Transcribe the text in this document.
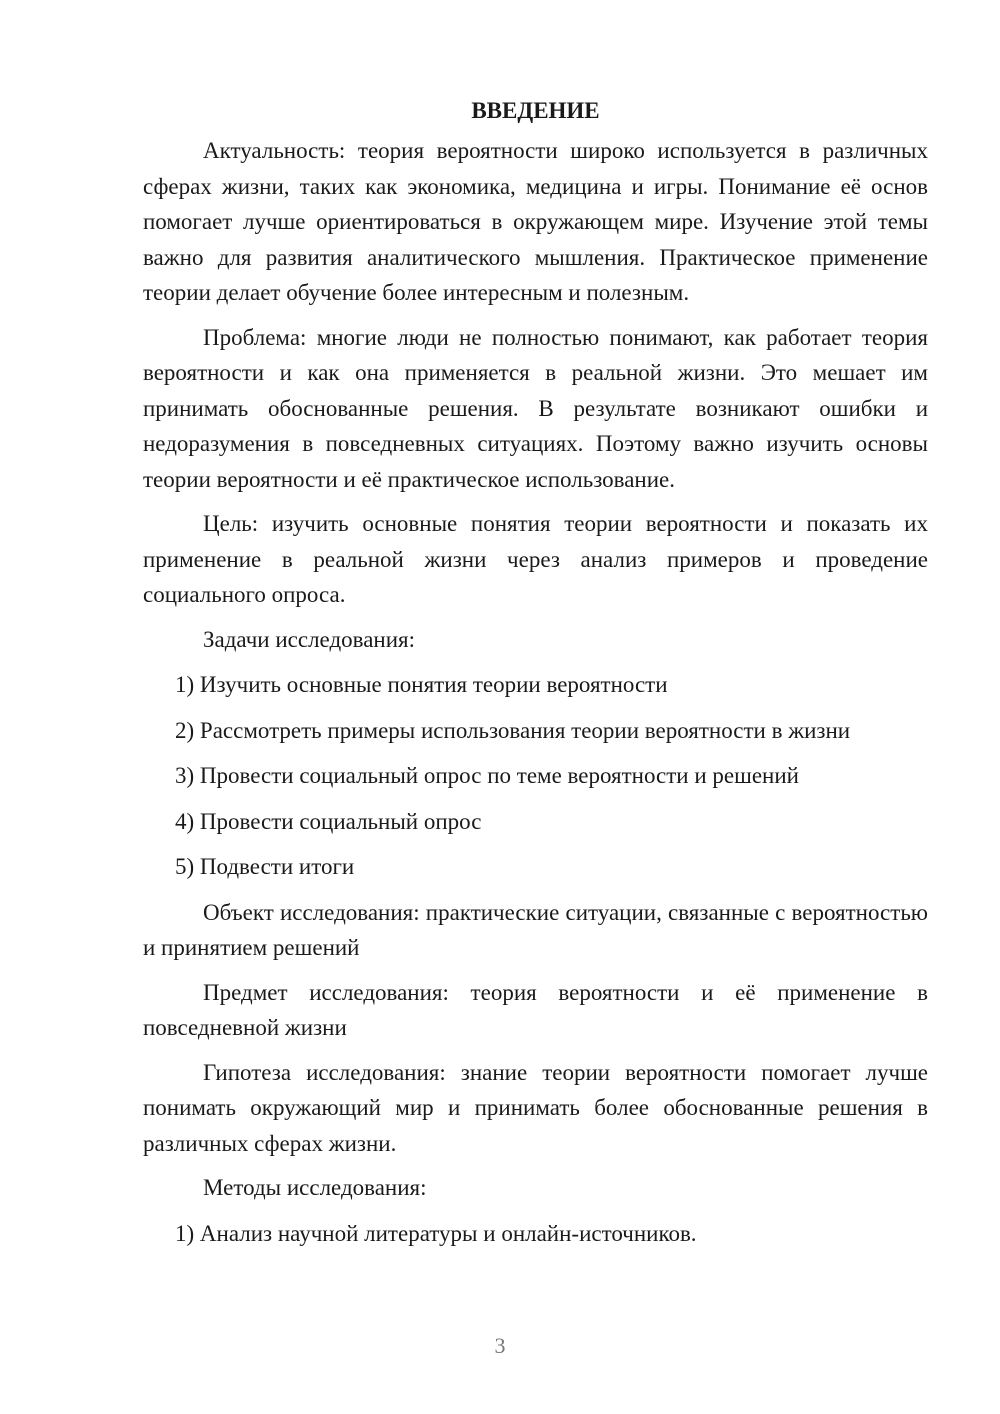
ВВЕДЕНИЕ

Актуальность: теория вероятности широко используется в различных сферах жизни, таких как экономика, медицина и игры. Понимание её основ помогает лучше ориентироваться в окружающем мире. Изучение этой темы важно для развития аналитического мышления. Практическое применение теории делает обучение более интересным и полезным.

Проблема: многие люди не полностью понимают, как работает теория вероятности и как она применяется в реальной жизни. Это мешает им принимать обоснованные решения. В результате возникают ошибки и недоразумения в повседневных ситуациях. Поэтому важно изучить основы теории вероятности и её практическое использование.

Цель: изучить основные понятия теории вероятности и показать их применение в реальной жизни через анализ примеров и проведение социального опроса.

Задачи исследования:
1) Изучить основные понятия теории вероятности
2) Рассмотреть примеры использования теории вероятности в жизни
3) Провести социальный опрос по теме вероятности и решений
4) Провести социальный опрос
5) Подвести итоги

Объект исследования: практические ситуации, связанные с вероятностью и принятием решений

Предмет исследования: теория вероятности и её применение в повседневной жизни

Гипотеза исследования: знание теории вероятности помогает лучше понимать окружающий мир и принимать более обоснованные решения в различных сферах жизни.

Методы исследования:
1) Анализ научной литературы и онлайн-источников.
3
